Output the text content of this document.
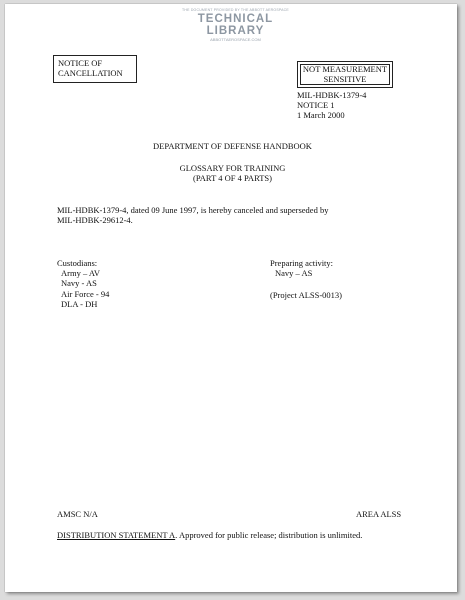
THE DOCUMENT PROVIDED BY THE ABBOTT AEROSPACE
TECHNICAL LIBRARY
ABBOTTAEROSPACE.COM
NOTICE OF
CANCELLATION	NOT MEASUREMENT
SENSITIVE
MIL-HDBK-1379-4
NOTICE 1
1 March 2000
DEPARTMENT OF DEFENSE HANDBOOK
GLOSSARY FOR TRAINING
(PART 4 OF 4 PARTS)
MIL-HDBK-1379-4, dated 09 June 1997, is hereby canceled and superseded by
MIL-HDBK-29612-4.
Custodians:
Army – AV
Navy - AS
Air Force - 94
DLA - DH
Preparing activity:
Navy – AS
(Project ALSS-0013)
AMSC N/A	AREA ALSS
DISTRIBUTION STATEMENT A. Approved for public release; distribution is unlimited.
